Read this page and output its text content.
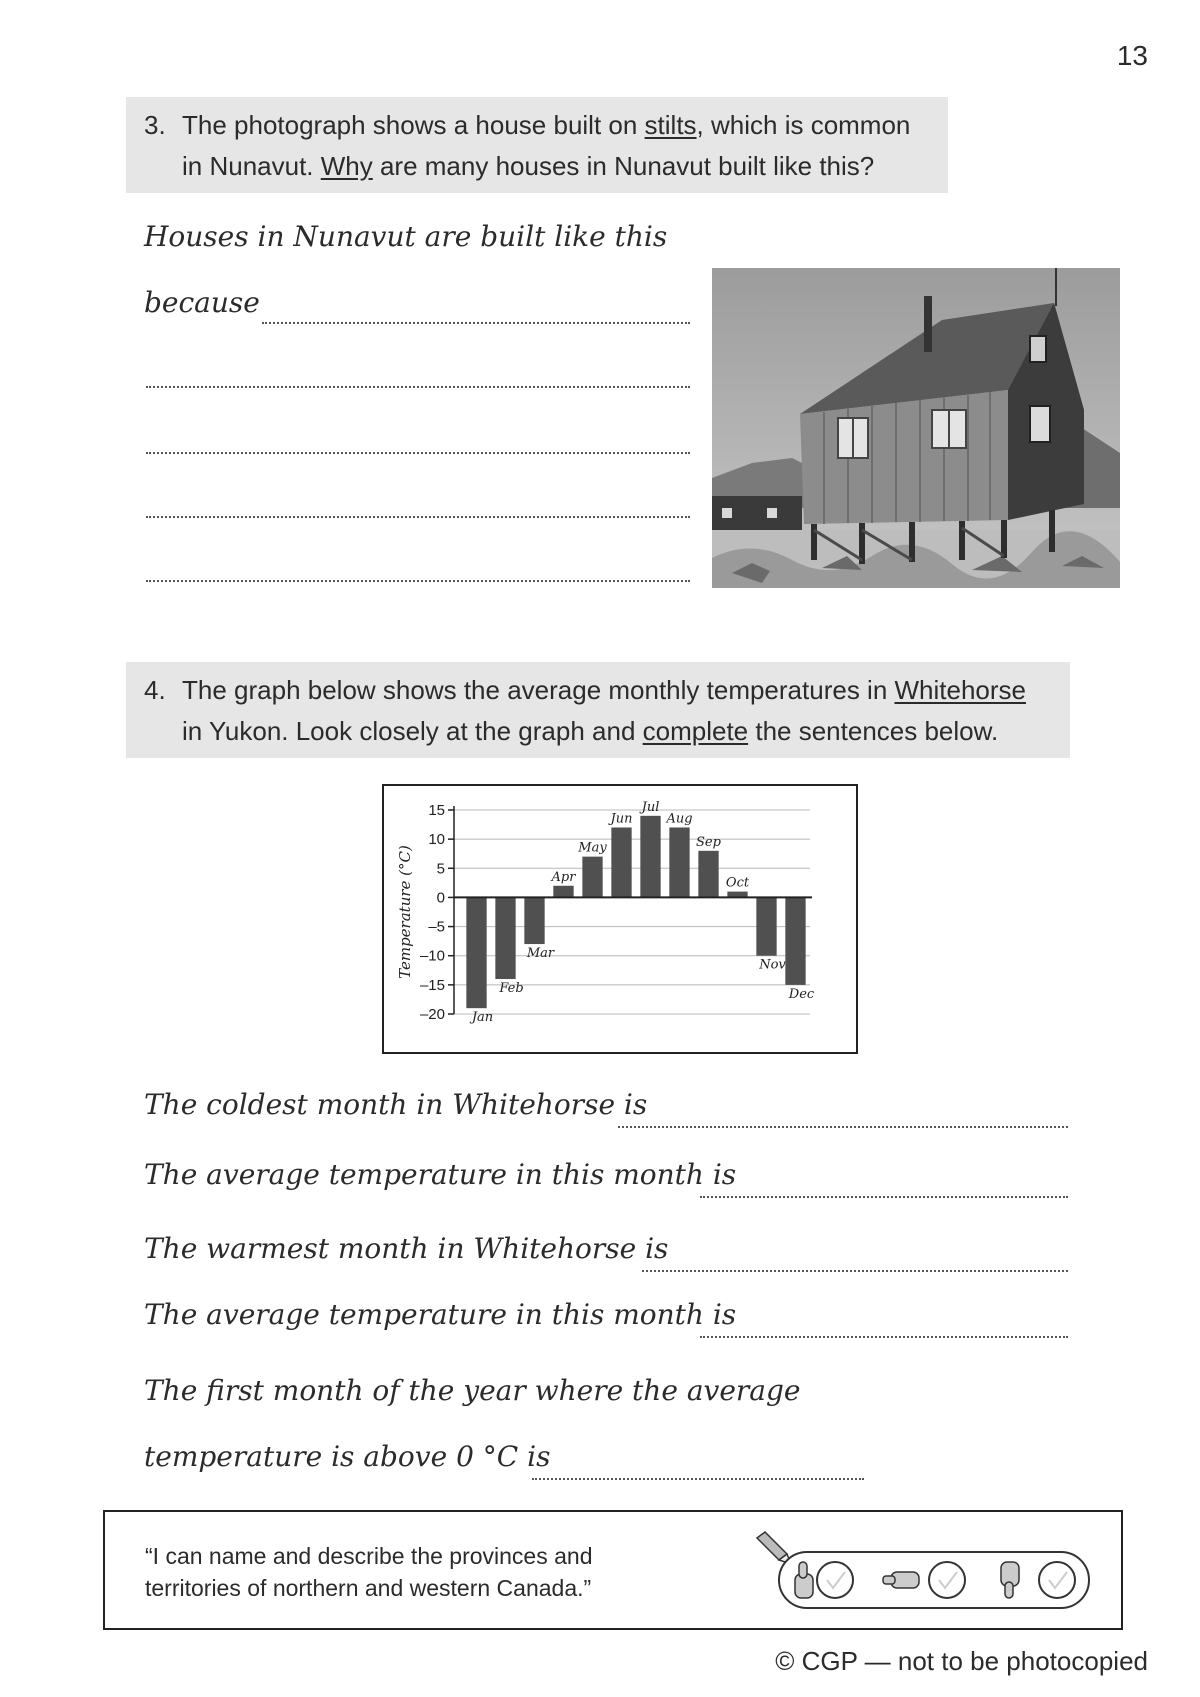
13
3. The photograph shows a house built on stilts, which is common
in Nunavut. Why are many houses in Nunavut built like this?
Houses in Nunavut are built like this
because
4. The graph below shows the average monthly temperatures in Whitehorse
in Yukon. Look closely at the graph and complete the sentences below.
15
10
5
0
–5
–10
–15
–20 Jan
Feb
Mar
Apr
May
Jun
Jul
Aug
Sep
Oct
Nov
Dec
Temperature (°C)
The coldest month in Whitehorse is
The average temperature in this month is
The warmest month in Whitehorse is
The average temperature in this month is
The first month of the year where the average
temperature is above 0 °C is
“I can name and describe the provinces and
territories of northern and western Canada.”
© CGP — not to be photocopied
